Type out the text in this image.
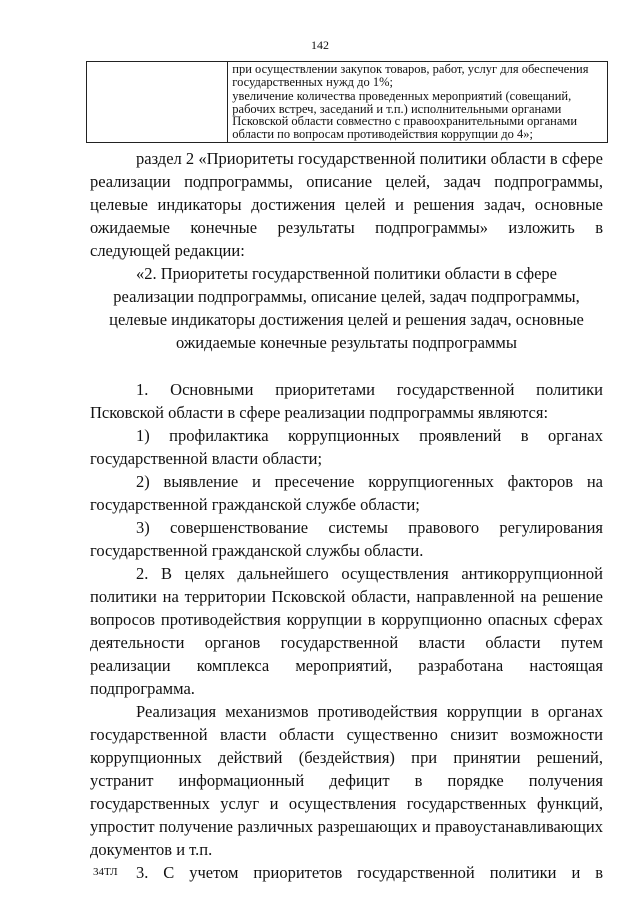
142

при осуществлении закупок товаров, работ, услуг для обеспечения государственных нужд до 1%;
увеличение количества проведенных мероприятий (совещаний, рабочих встреч, заседаний и т.п.) исполнительными органами Псковской области совместно с правоохранительными органами области по вопросам противодействия коррупции до 4»;

раздел 2 «Приоритеты государственной политики области в сфере реализации подпрограммы, описание целей, задач подпрограммы, целевые индикаторы достижения целей и решения задач, основные ожидаемые конечные результаты подпрограммы» изложить в следующей редакции:

«2. Приоритеты государственной политики области в сфере реализации подпрограммы, описание целей, задач подпрограммы, целевые индикаторы достижения целей и решения задач, основные ожидаемые конечные результаты подпрограммы

1. Основными приоритетами государственной политики Псковской области в сфере реализации подпрограммы являются:

1) профилактика коррупционных проявлений в органах государственной власти области;

2) выявление и пресечение коррупциогенных факторов на государственной гражданской службе области;

3) совершенствование системы правового регулирования государственной гражданской службы области.

2. В целях дальнейшего осуществления антикоррупционной политики на территории Псковской области, направленной на решение вопросов противодействия коррупции в коррупционно опасных сферах деятельности органов государственной власти области путем реализации комплекса мероприятий, разработана настоящая подпрограмма.

Реализация механизмов противодействия коррупции в органах государственной власти области существенно снизит возможности коррупционных действий (бездействия) при принятии решений, устранит информационный дефицит в порядке получения государственных услуг и осуществления государственных функций, упростит получение различных разрешающих и правоустанавливающих документов и т.п.

3. С учетом приоритетов государственной политики и в

34ТЛ
